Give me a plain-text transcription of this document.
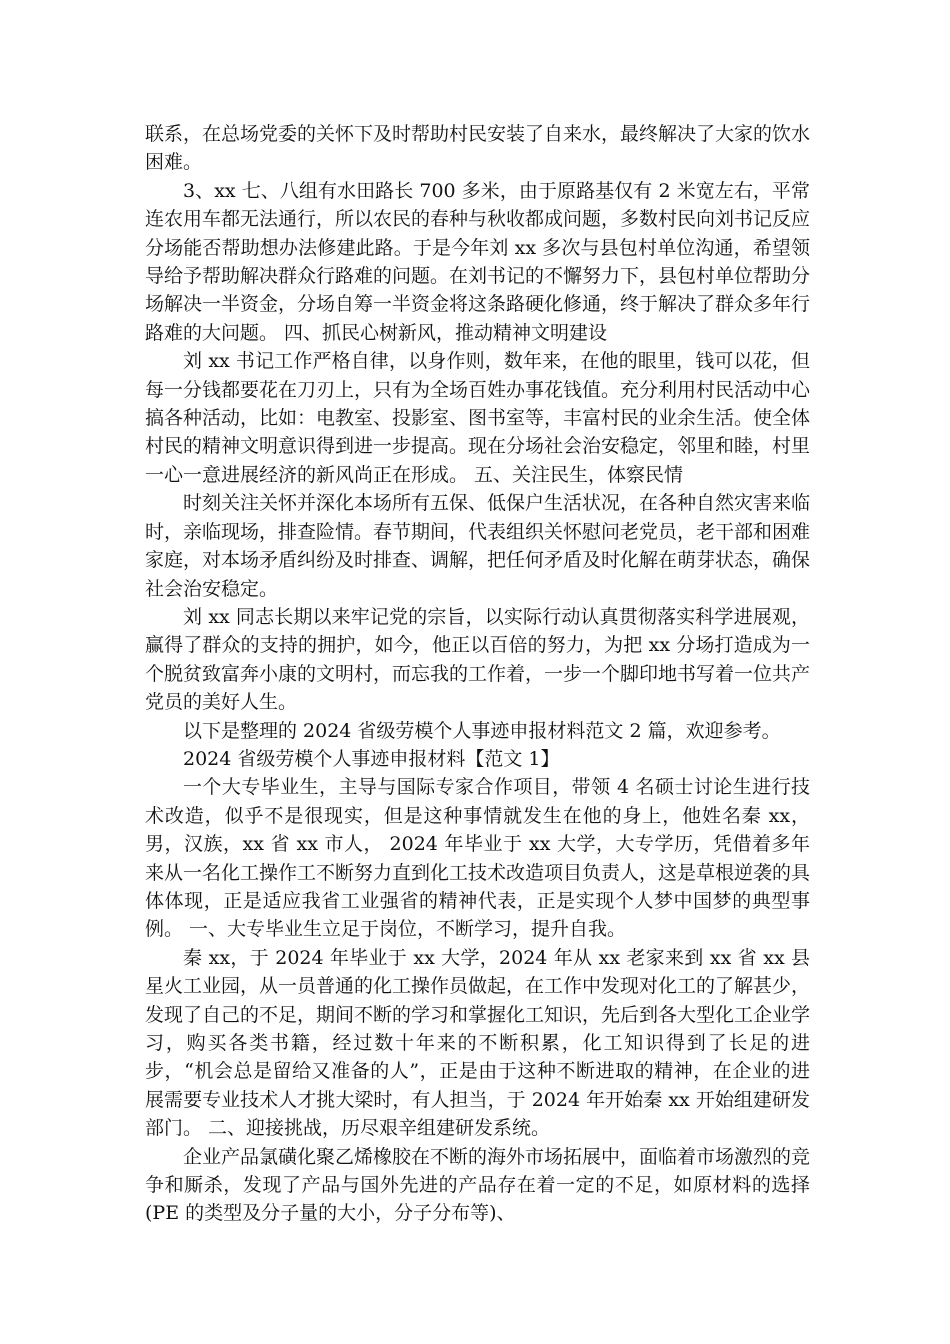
联系，在总场党委的关怀下及时帮助村民安装了自来水，最终解决了大家的饮水困难。

3、xx 七、八组有水田路长 700 多米，由于原路基仅有 2 米宽左右，平常连农用车都无法通行，所以农民的春种与秋收都成问题，多数村民向刘书记反应分场能否帮助想办法修建此路。于是今年刘 xx 多次与县包村单位沟通，希望领导给予帮助解决群众行路难的问题。在刘书记的不懈努力下，县包村单位帮助分场解决一半资金，分场自筹一半资金将这条路硬化修通，终于解决了群众多年行路难的大问题。 四、抓民心树新风，推动精神文明建设

刘 xx 书记工作严格自律，以身作则，数年来，在他的眼里，钱可以花，但每一分钱都要花在刀刃上，只有为全场百姓办事花钱值。充分利用村民活动中心搞各种活动，比如：电教室、投影室、图书室等，丰富村民的业余生活。使全体村民的精神文明意识得到进一步提高。现在分场社会治安稳定，邻里和睦，村里一心一意进展经济的新风尚正在形成。 五、关注民生，体察民情

时刻关注关怀并深化本场所有五保、低保户生活状况，在各种自然灾害来临时，亲临现场，排查险情。春节期间，代表组织关怀慰问老党员，老干部和困难家庭，对本场矛盾纠纷及时排查、调解，把任何矛盾及时化解在萌芽状态，确保社会治安稳定。

刘 xx 同志长期以来牢记党的宗旨，以实际行动认真贯彻落实科学进展观，赢得了群众的支持的拥护，如今，他正以百倍的努力，为把 xx 分场打造成为一个脱贫致富奔小康的文明村，而忘我的工作着，一步一个脚印地书写着一位共产党员的美好人生。

以下是整理的 2024 省级劳模个人事迹申报材料范文 2 篇，欢迎参考。

2024 省级劳模个人事迹申报材料【范文 1】

一个大专毕业生，主导与国际专家合作项目，带领 4 名硕士讨论生进行技术改造，似乎不是很现实，但是这种事情就发生在他的身上，他姓名秦 xx，男，汉族，xx 省 xx 市人， 2024 年毕业于 xx 大学，大专学历，凭借着多年来从一名化工操作工不断努力直到化工技术改造项目负责人，这是草根逆袭的具体体现，正是适应我省工业强省的精神代表，正是实现个人梦中国梦的典型事例。 一、大专毕业生立足于岗位，不断学习，提升自我。

秦 xx，于 2024 年毕业于 xx 大学，2024 年从 xx 老家来到 xx 省 xx 县星火工业园，从一员普通的化工操作员做起，在工作中发现对化工的了解甚少，发现了自己的不足，期间不断的学习和掌握化工知识，先后到各大型化工企业学习，购买各类书籍，经过数十年来的不断积累，化工知识得到了长足的进步，“机会总是留给又准备的人”，正是由于这种不断进取的精神，在企业的进展需要专业技术人才挑大梁时，有人担当，于 2024 年开始秦 xx 开始组建研发部门。 二、迎接挑战，历尽艰辛组建研发系统。

企业产品氯磺化聚乙烯橡胶在不断的海外市场拓展中，面临着市场激烈的竞争和厮杀，发现了产品与国外先进的产品存在着一定的不足，如原材料的选择(PE 的类型及分子量的大小，分子分布等)、
